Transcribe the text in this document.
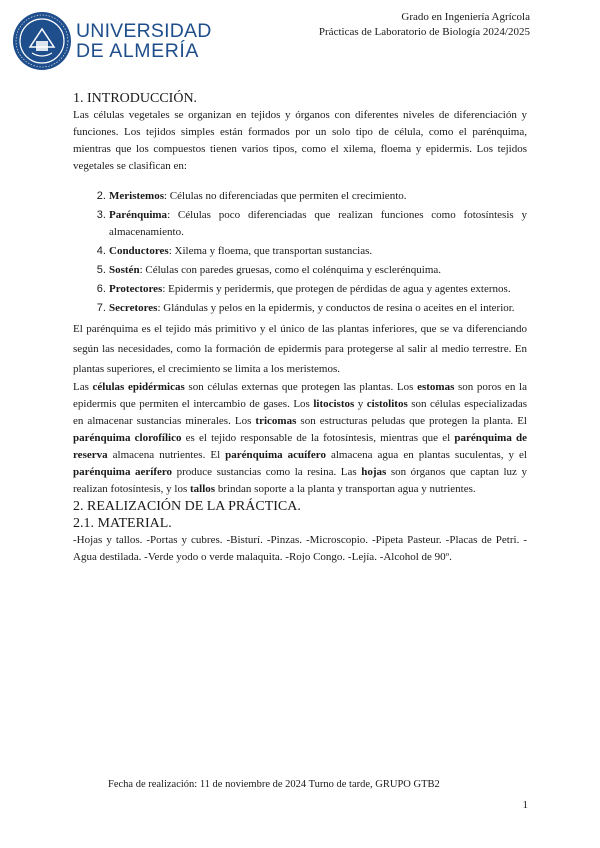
UNIVERSIDAD
DE ALMERÍA
Grado en Ingeniería Agrícola
Prácticas de Laboratorio de Biología 2024/2025
1. INTRODUCCIÓN.

Las células vegetales se organizan en tejidos y órganos con diferentes niveles de diferenciación y funciones. Los tejidos simples están formados por un solo tipo de célula, como el parénquima, mientras que los compuestos tienen varios tipos, como el xilema, floema y epidermis. Los tejidos vegetales se clasifican en:

2. Meristemos: Células no diferenciadas que permiten el crecimiento.
3. Parénquima: Células poco diferenciadas que realizan funciones como fotosíntesis y almacenamiento.
4. Conductores: Xilema y floema, que transportan sustancias.
5. Sostén: Células con paredes gruesas, como el colénquima y esclerénquima.
6. Protectores: Epidermis y peridermis, que protegen de pérdidas de agua y agentes externos.
7. Secretores: Glándulas y pelos en la epidermis, y conductos de resina o aceites en el interior.

El parénquima es el tejido más primitivo y el único de las plantas inferiores, que se va diferenciando según las necesidades, como la formación de epidermis para protegerse al salir al medio terrestre. En plantas superiores, el crecimiento se limita a los meristemos.

Las células epidérmicas son células externas que protegen las plantas. Los estomas son poros en la epidermis que permiten el intercambio de gases. Los litocistos y cistolitos son células especializadas en almacenar sustancias minerales. Los tricomas son estructuras peludas que protegen la planta. El parénquima clorofílico es el tejido responsable de la fotosíntesis, mientras que el parénquima de reserva almacena nutrientes. El parénquima acuífero almacena agua en plantas suculentas, y el parénquima aerífero produce sustancias como la resina. Las hojas son órganos que captan luz y realizan fotosíntesis, y los tallos brindan soporte a la planta y transportan agua y nutrientes.

2. REALIZACIÓN DE LA PRÁCTICA.
2.1. MATERIAL.

-Hojas y tallos. -Portas y cubres. -Bisturí. -Pinzas. -Microscopio. -Pipeta Pasteur. -Placas de Petri. -Agua destilada. -Verde yodo o verde malaquita. -Rojo Congo. -Lejía. -Alcohol de 90º.

Fecha de realización: 11 de noviembre de 2024 Turno de tarde, GRUPO GTB2
1
